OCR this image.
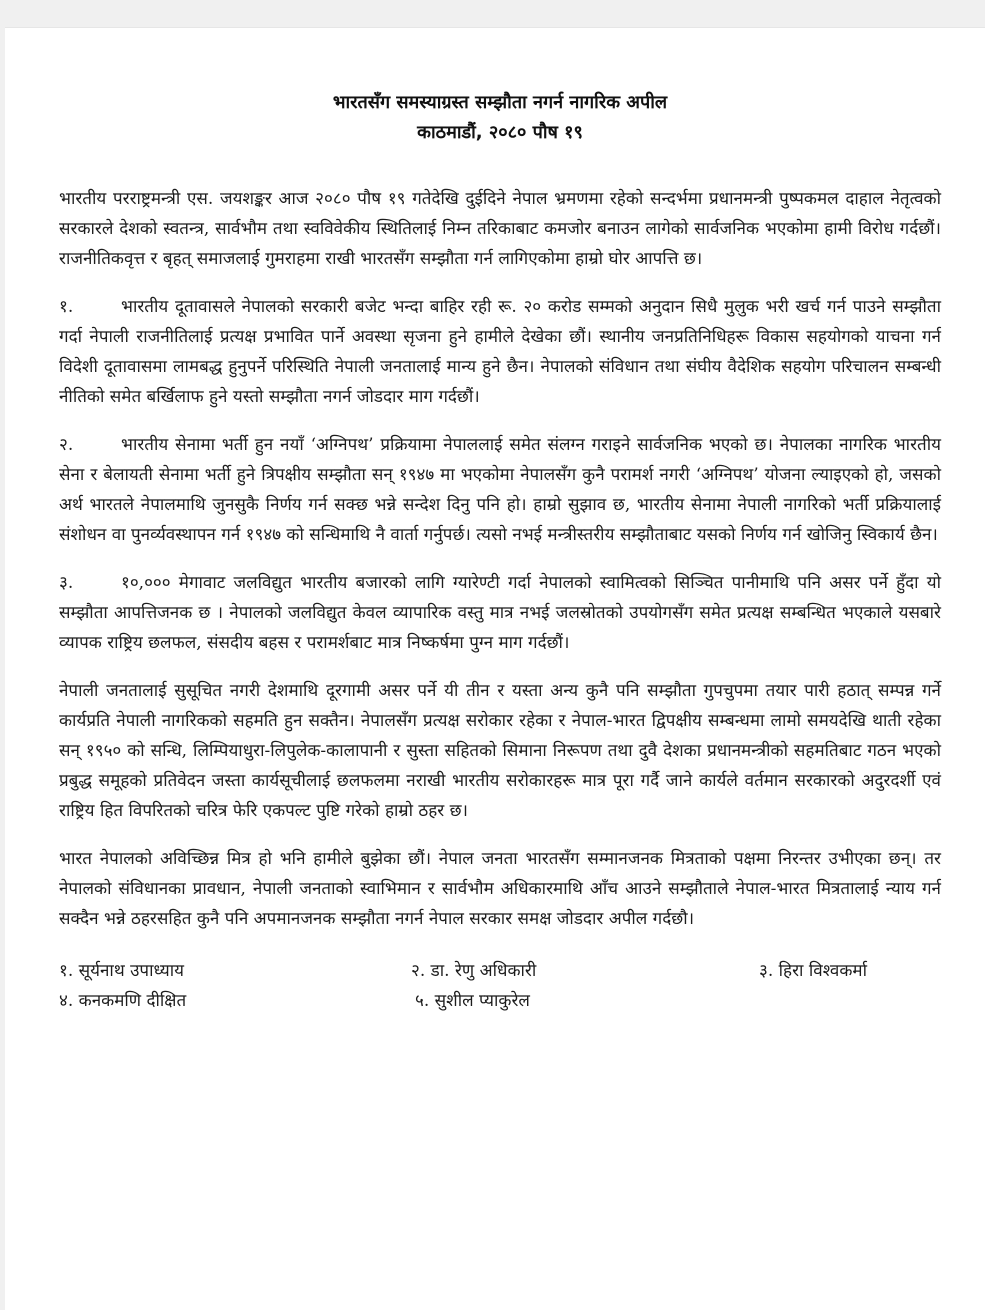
भारतसँग समस्याग्रस्त सम्झौता नगर्न नागरिक अपील
काठमाडौं, २०८० पौष १९

भारतीय परराष्ट्रमन्त्री एस. जयशङ्कर आज २०८० पौष १९ गतेदेखि दुईदिने नेपाल भ्रमणमा रहेको सन्दर्भमा प्रधानमन्त्री पुष्पकमल दाहाल नेतृत्वको सरकारले देशको स्वतन्त्र, सार्वभौम तथा स्वविवेकीय स्थितिलाई निम्न तरिकाबाट कमजोर बनाउन लागेको सार्वजनिक भएकोमा हामी विरोध गर्दछौं। राजनीतिकवृत्त र बृहत् समाजलाई गुमराहमा राखी भारतसँग सम्झौता गर्न लागिएकोमा हाम्रो घोर आपत्ति छ।

१.	भारतीय दूतावासले नेपालको सरकारी बजेट भन्दा बाहिर रही रू. २० करोड सम्मको अनुदान सिधै मुलुक भरी खर्च गर्न पाउने सम्झौता गर्दा नेपाली राजनीतिलाई प्रत्यक्ष प्रभावित पार्ने अवस्था सृजना हुने हामीले देखेका छौं। स्थानीय जनप्रतिनिधिहरू विकास सहयोगको याचना गर्न विदेशी दूतावासमा लामबद्ध हुनुपर्ने परिस्थिति नेपाली जनतालाई मान्य हुने छैन। नेपालको संविधान तथा संघीय वैदेशिक सहयोग परिचालन सम्बन्धी नीतिको समेत बर्खिलाफ हुने यस्तो सम्झौता नगर्न जोडदार माग गर्दछौं।

२.	भारतीय सेनामा भर्ती हुन नयाँ ‘अग्निपथ’ प्रक्रियामा नेपाललाई समेत संलग्न गराइने सार्वजनिक भएको छ। नेपालका नागरिक भारतीय सेना र बेलायती सेनामा भर्ती हुने त्रिपक्षीय सम्झौता सन् १९४७ मा भएकोमा नेपालसँग कुनै परामर्श नगरी ‘अग्निपथ’ योजना ल्याइएको हो, जसको अर्थ भारतले नेपालमाथि जुनसुकै निर्णय गर्न सक्छ भन्ने सन्देश दिनु पनि हो। हाम्रो सुझाव छ, भारतीय सेनामा नेपाली नागरिको भर्ती प्रक्रियालाई संशोधन वा पुनर्व्यवस्थापन गर्न १९४७ को सन्धिमाथि नै वार्ता गर्नुपर्छ। त्यसो नभई मन्त्रीस्तरीय सम्झौताबाट यसको निर्णय गर्न खोजिनु स्विकार्य छैन।

३.	१०,००० मेगावाट जलविद्युत भारतीय बजारको लागि ग्यारेण्टी गर्दा नेपालको स्वामित्वको सिञ्चित पानीमाथि पनि असर पर्ने हुँदा यो सम्झौता आपत्तिजनक छ । नेपालको जलविद्युत केवल व्यापारिक वस्तु मात्र नभई जलस्रोतको उपयोगसँग समेत प्रत्यक्ष सम्बन्धित भएकाले यसबारे व्यापक राष्ट्रिय छलफल, संसदीय बहस र परामर्शबाट मात्र निष्कर्षमा पुग्न माग गर्दछौं।

नेपाली जनतालाई सुसूचित नगरी देशमाथि दूरगामी असर पर्ने यी तीन र यस्ता अन्य कुनै पनि सम्झौता गुपचुपमा तयार पारी हठात् सम्पन्न गर्ने कार्यप्रति नेपाली नागरिकको सहमति हुन सक्तैन। नेपालसँग प्रत्यक्ष सरोकार रहेका र नेपाल-भारत द्विपक्षीय सम्बन्धमा लामो समयदेखि थाती रहेका सन् १९५० को सन्धि, लिम्पियाधुरा-लिपुलेक-कालापानी र सुस्ता सहितको सिमाना निरूपण तथा दुवै देशका प्रधानमन्त्रीको सहमतिबाट गठन भएको प्रबुद्ध समूहको प्रतिवेदन जस्ता कार्यसूचीलाई छलफलमा नराखी भारतीय सरोकारहरू मात्र पूरा गर्दै जाने कार्यले वर्तमान सरकारको अदुरदर्शी एवं राष्ट्रिय हित विपरितको चरित्र फेरि एकपल्ट पुष्टि गरेको हाम्रो ठहर छ।

भारत नेपालको अविच्छिन्न मित्र हो भनि हामीले बुझेका छौं। नेपाल जनता भारतसँग सम्मानजनक मित्रताको पक्षमा निरन्तर उभीएका छन्। तर नेपालको संविधानका प्रावधान, नेपाली जनताको स्वाभिमान र सार्वभौम अधिकारमाथि आँच आउने सम्झौताले नेपाल-भारत मित्रतालाई न्याय गर्न सक्दैन भन्ने ठहरसहित कुनै पनि अपमानजनक सम्झौता नगर्न नेपाल सरकार समक्ष जोडदार अपील गर्दछौ।

१. सूर्यनाथ उपाध्याय	२. डा. रेणु अधिकारी	३. हिरा विश्वकर्मा
४. कनकमणि दीक्षित	५. सुशील प्याकुरेल
